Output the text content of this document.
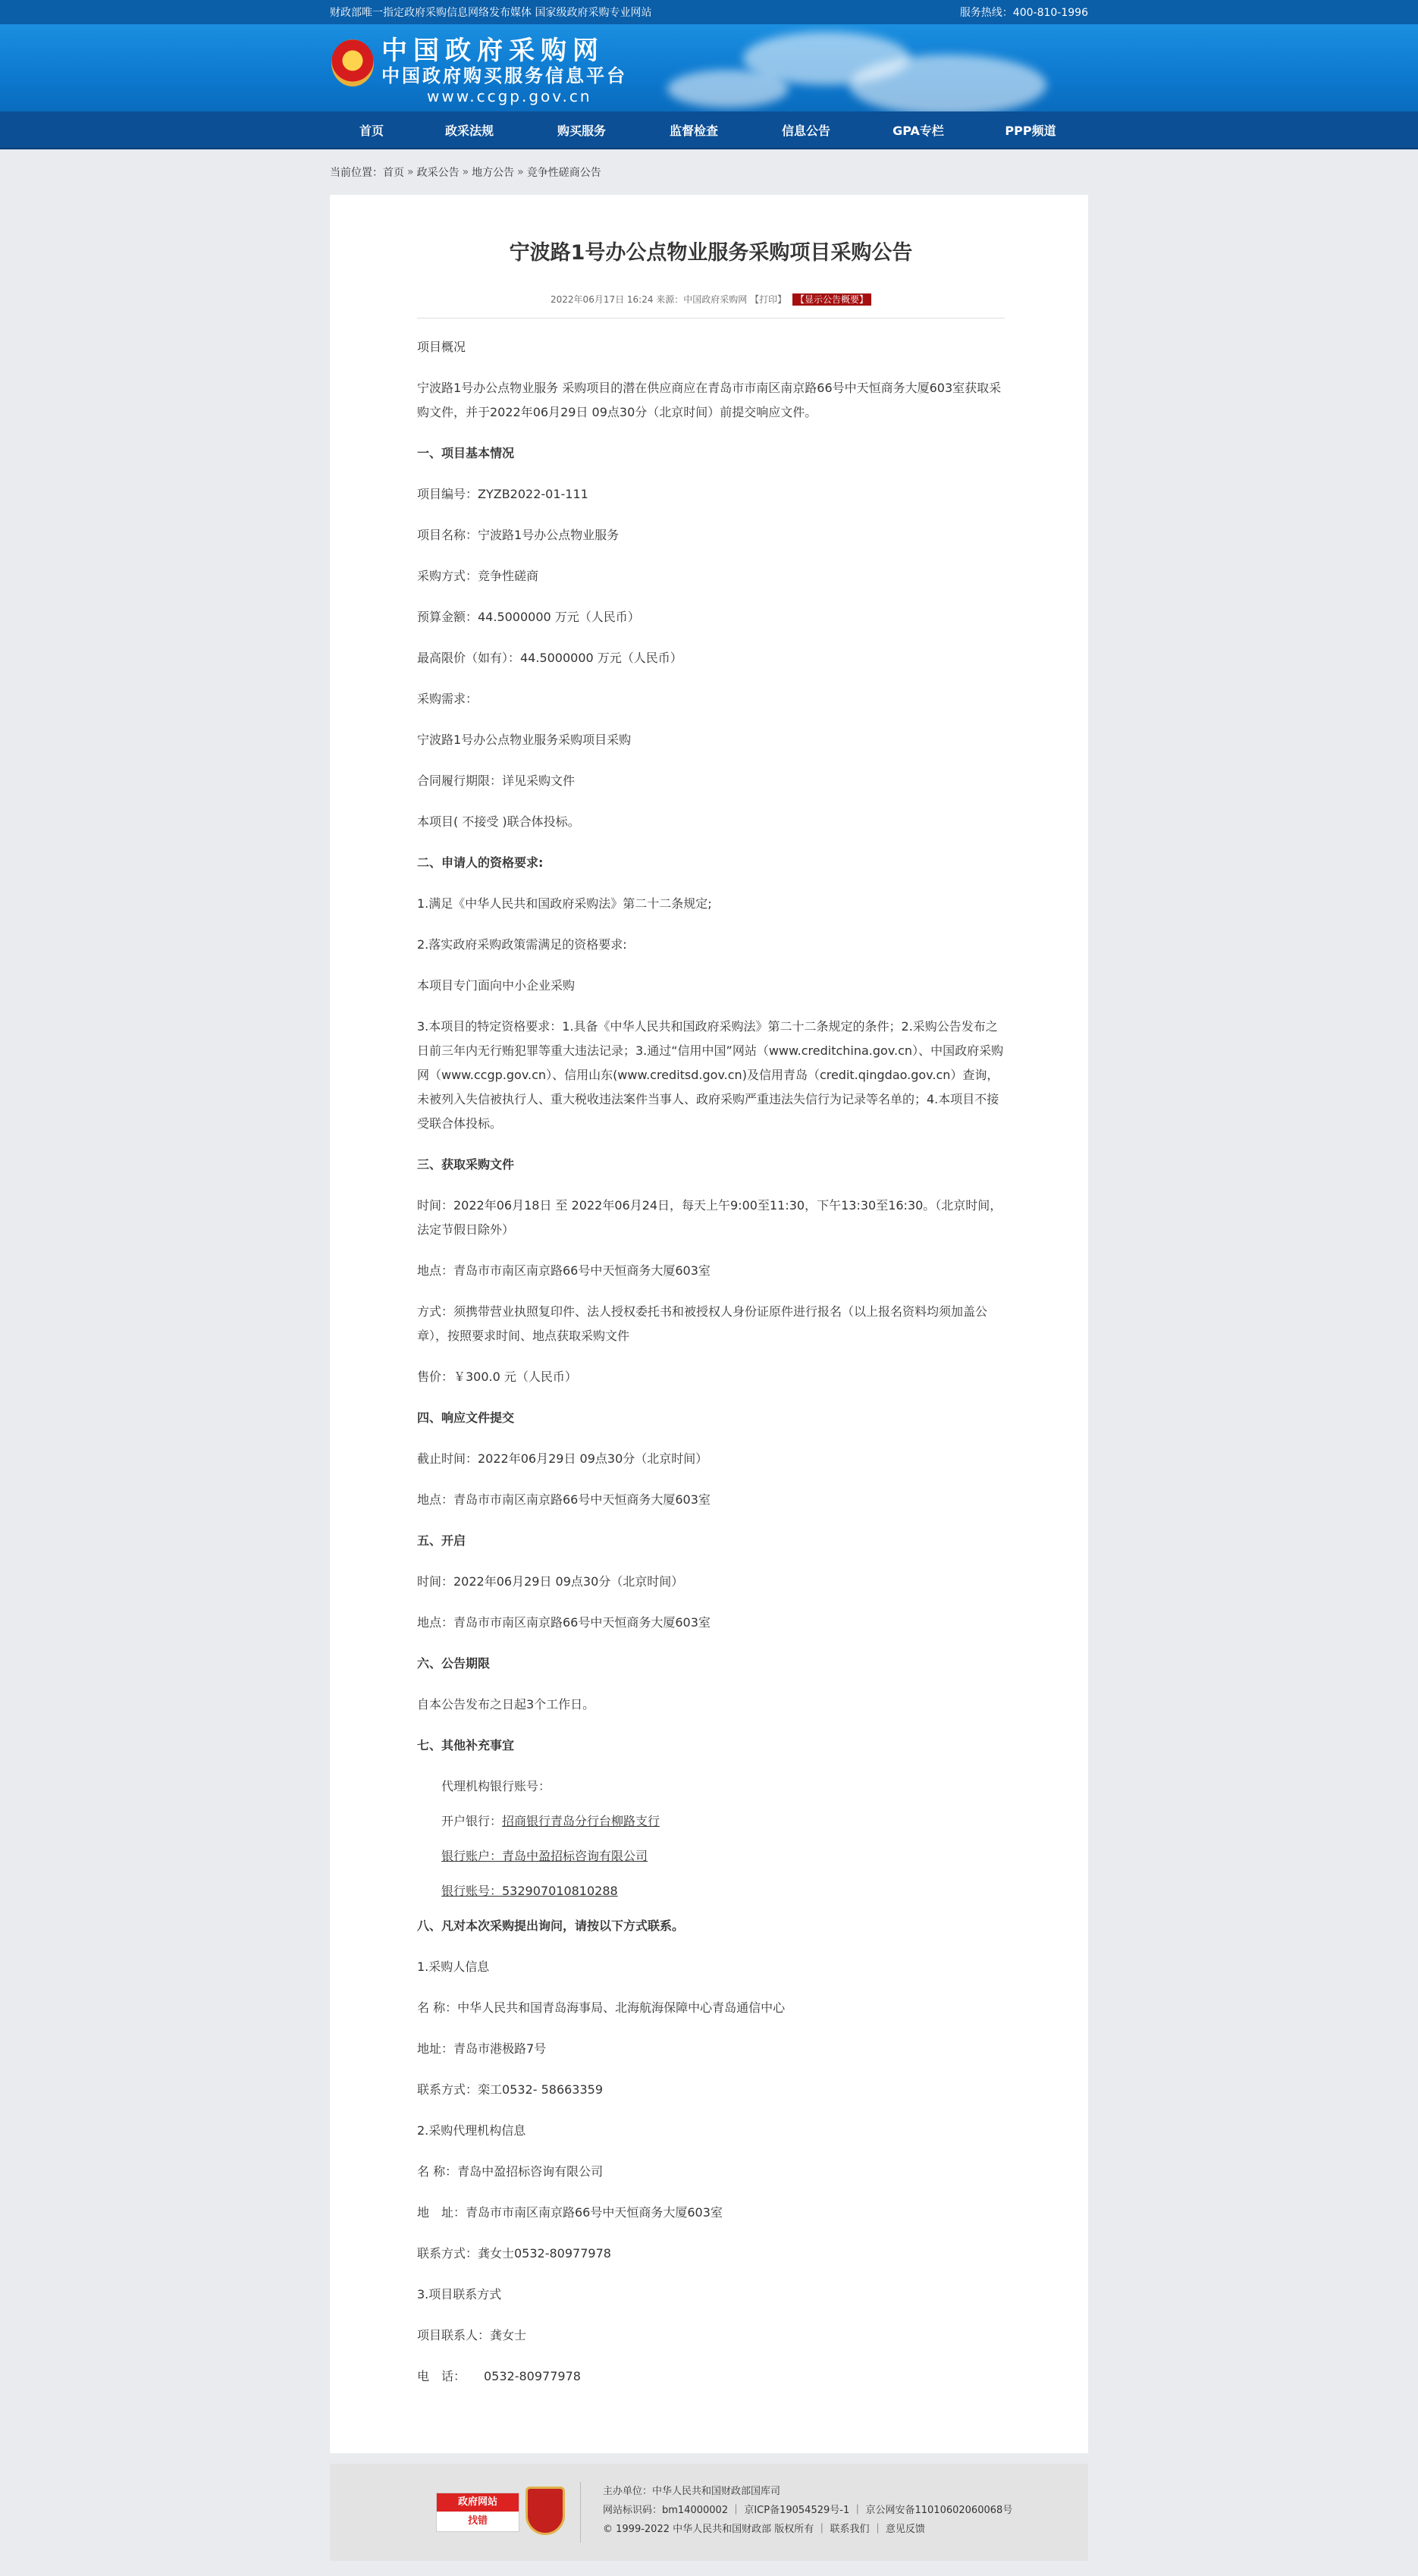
财政部唯一指定政府采购信息网络发布媒体 国家级政府采购专业网站	服务热线：400-810-1996
中国政府采购网
中国政府购买服务信息平台
www.ccgp.gov.cn
首页	政采法规	购买服务	监督检查	信息公告	GPA专栏	PPP频道
当前位置： 首页 » 政采公告 » 地方公告 » 竞争性磋商公告
宁波路1号办公点物业服务采购项目采购公告
2022年06月17日 16:24 来源：中国政府采购网 【打印】 【显示公告概要】

项目概况

宁波路1号办公点物业服务 采购项目的潜在供应商应在青岛市市南区南京路66号中天恒商务大厦603室获取采购文件，并于2022年06月29日 09点30分（北京时间）前提交响应文件。

一、项目基本情况

项目编号：ZYZB2022-01-111

项目名称：宁波路1号办公点物业服务

采购方式：竞争性磋商

预算金额：44.5000000 万元（人民币）

最高限价（如有）：44.5000000 万元（人民币）

采购需求：

宁波路1号办公点物业服务采购项目采购

合同履行期限：详见采购文件

本项目( 不接受 )联合体投标。

二、申请人的资格要求:

1.满足《中华人民共和国政府采购法》第二十二条规定;

2.落实政府采购政策需满足的资格要求:

本项目专门面向中小企业采购

3.本项目的特定资格要求：1.具备《中华人民共和国政府采购法》第二十二条规定的条件；2.采购公告发布之日前三年内无行贿犯罪等重大违法记录；3.通过“信用中国”网站（www.creditchina.gov.cn）、中国政府采购网（www.ccgp.gov.cn）、信用山东(www.creditsd.gov.cn)及信用青岛（credit.qingdao.gov.cn）查询，未被列入失信被执行人、重大税收违法案件当事人、政府采购严重违法失信行为记录等名单的；4.本项目不接受联合体投标。

三、获取采购文件

时间：2022年06月18日 至 2022年06月24日，每天上午9:00至11:30，下午13:30至16:30。（北京时间，法定节假日除外）

地点：青岛市市南区南京路66号中天恒商务大厦603室

方式：须携带营业执照复印件、法人授权委托书和被授权人身份证原件进行报名（以上报名资料均须加盖公章），按照要求时间、地点获取采购文件

售价：￥300.0 元（人民币）

四、响应文件提交

截止时间：2022年06月29日 09点30分（北京时间）

地点：青岛市市南区南京路66号中天恒商务大厦603室

五、开启

时间：2022年06月29日 09点30分（北京时间）

地点：青岛市市南区南京路66号中天恒商务大厦603室

六、公告期限

自本公告发布之日起3个工作日。

七、其他补充事宜

代理机构银行账号：

开户银行：招商银行青岛分行台柳路支行

银行账户：青岛中盈招标咨询有限公司

银行账号：532907010810288

八、凡对本次采购提出询问，请按以下方式联系。

1.采购人信息

名 称：中华人民共和国青岛海事局、北海航海保障中心青岛通信中心

地址：青岛市港极路7号

联系方式：栾工0532- 58663359

2.采购代理机构信息

名 称：青岛中盈招标咨询有限公司

地　址：青岛市市南区南京路66号中天恒商务大厦603室

联系方式：龚女士0532-80977978

3.项目联系方式

项目联系人：龚女士

电　话：　　0532-80977978

政府网站
找错
主办单位：中华人民共和国财政部国库司
网站标识码：bm14000002 ｜ 京ICP备19054529号-1 ｜ 京公网安备11010602060068号
© 1999-2022 中华人民共和国财政部 版权所有 ｜ 联系我们 ｜ 意见反馈
